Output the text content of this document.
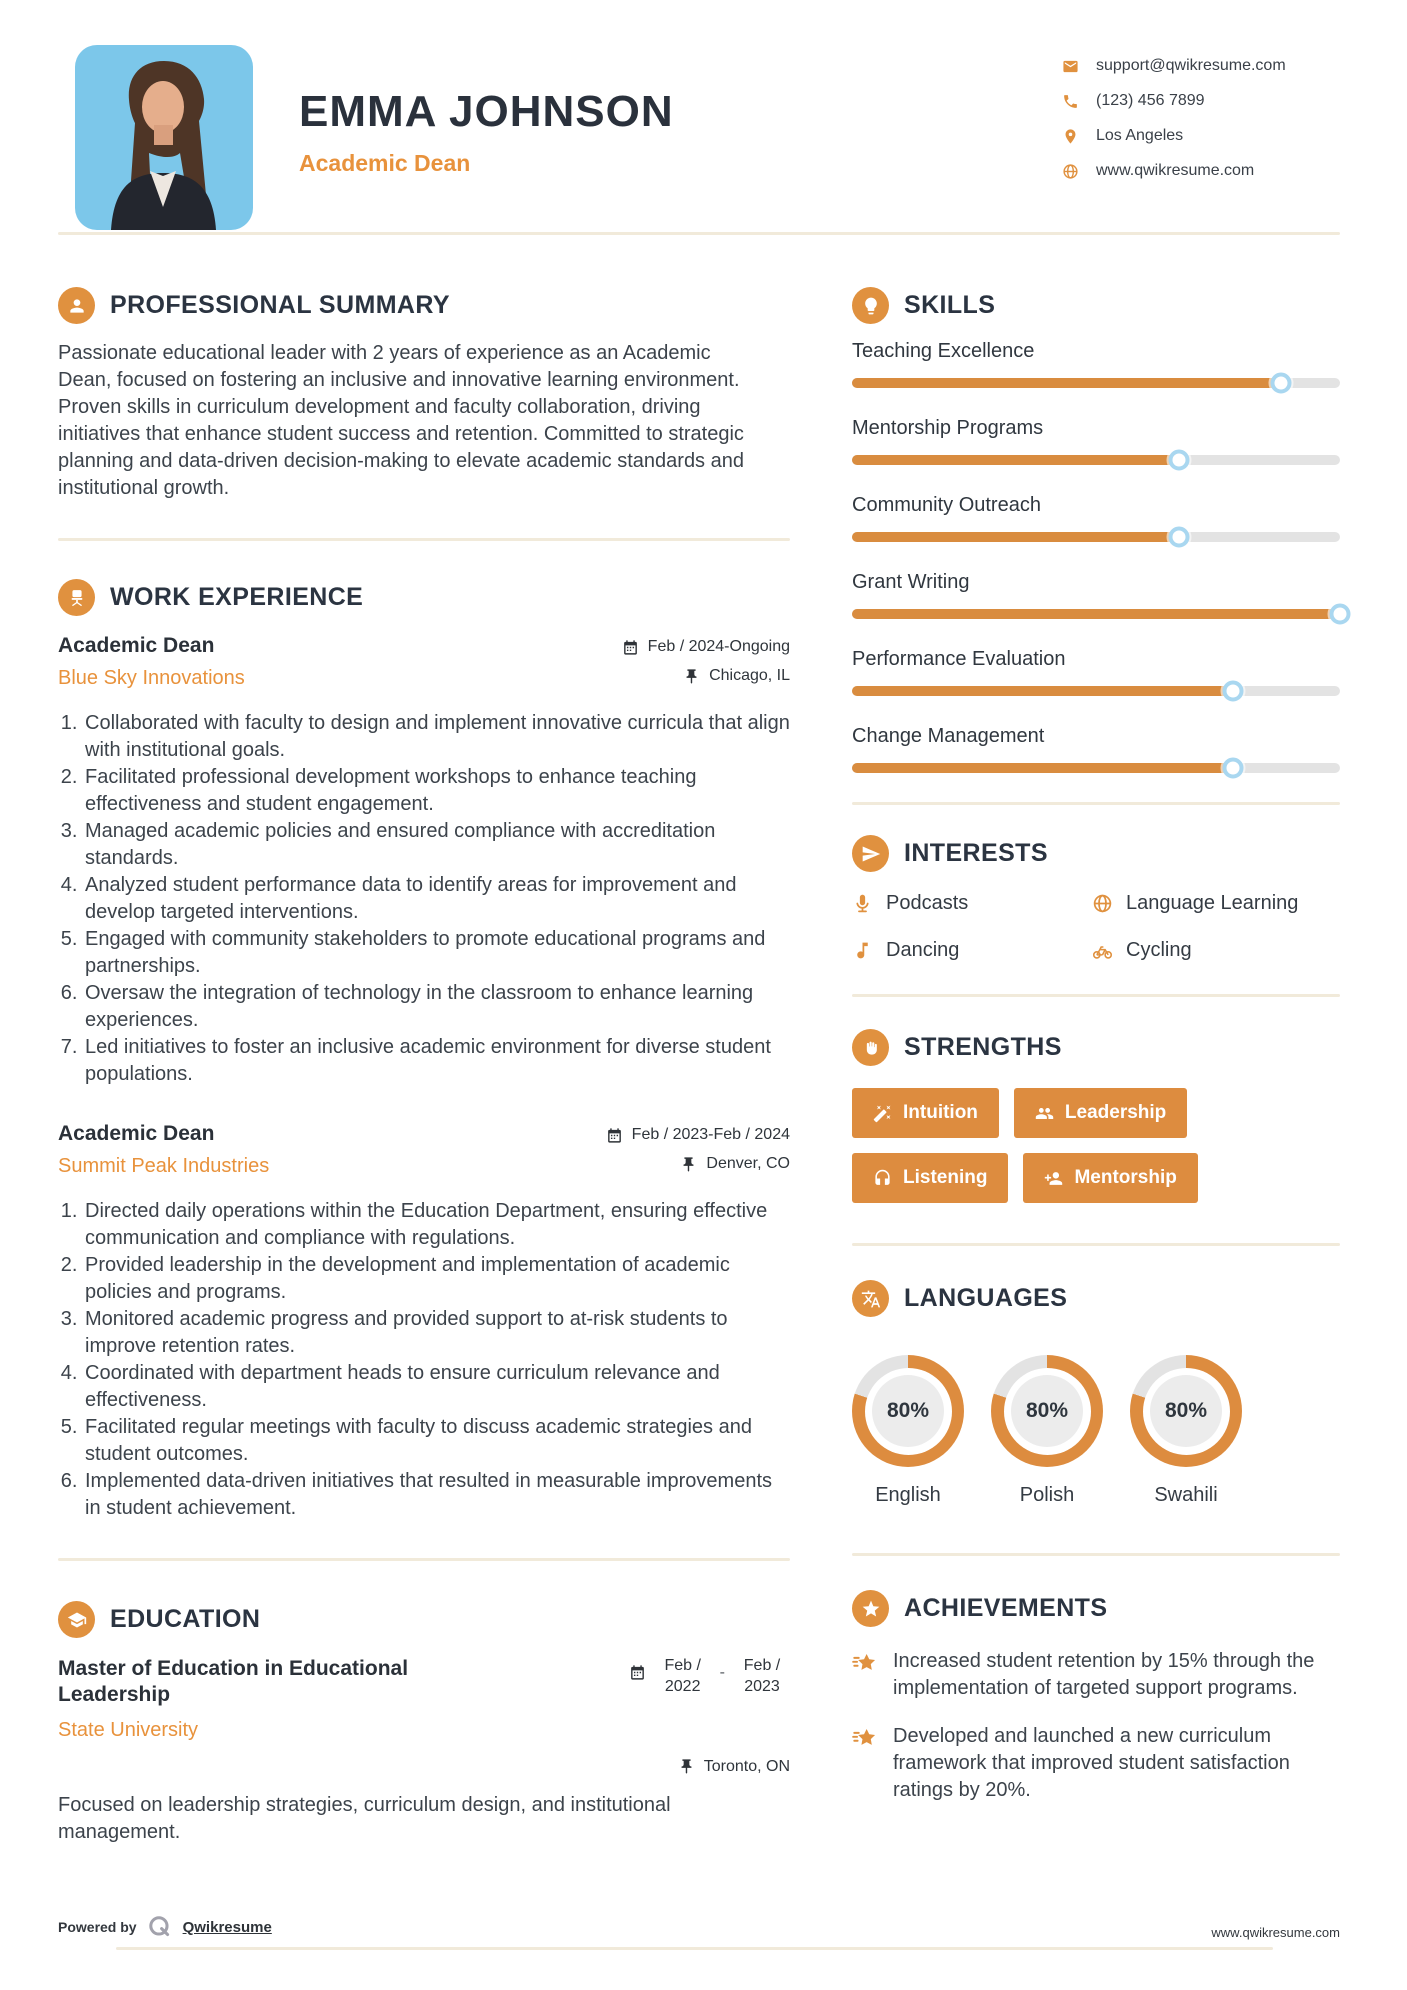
EMMA JOHNSON
Academic Dean
support@qwikresume.com
(123) 456 7899
Los Angeles
www.qwikresume.com
PROFESSIONAL SUMMARY

Passionate educational leader with 2 years of experience as an Academic Dean, focused on fostering an inclusive and innovative learning environment. Proven skills in curriculum development and faculty collaboration, driving initiatives that enhance student success and retention. Committed to strategic planning and data-driven decision-making to elevate academic standards and institutional growth.

WORK EXPERIENCE
Academic Dean
Blue Sky Innovations
Feb / 2024-Ongoing
Chicago, IL
1. Collaborated with faculty to design and implement innovative curricula that align with institutional goals.
2. Facilitated professional development workshops to enhance teaching effectiveness and student engagement.
3. Managed academic policies and ensured compliance with accreditation standards.
4. Analyzed student performance data to identify areas for improvement and develop targeted interventions.
5. Engaged with community stakeholders to promote educational programs and partnerships.
6. Oversaw the integration of technology in the classroom to enhance learning experiences.
7. Led initiatives to foster an inclusive academic environment for diverse student populations.
Academic Dean
Summit Peak Industries
Feb / 2023-Feb / 2024
Denver, CO
1. Directed daily operations within the Education Department, ensuring effective communication and compliance with regulations.
2. Provided leadership in the development and implementation of academic policies and programs.
3. Monitored academic progress and provided support to at-risk students to improve retention rates.
4. Coordinated with department heads to ensure curriculum relevance and effectiveness.
5. Facilitated regular meetings with faculty to discuss academic strategies and student outcomes.
6. Implemented data-driven initiatives that resulted in measurable improvements in student achievement.
EDUCATION
Master of Education in Educational Leadership
Feb / 2022
-	Feb / 2023
State University
Toronto, ON

Focused on leadership strategies, curriculum design, and institutional management.

SKILLS
Teaching Excellence
Mentorship Programs
Community Outreach
Grant Writing
Performance Evaluation
Change Management
INTERESTS
Podcasts	Language Learning
Dancing	Cycling
STRENGTHS
Intuition	Leadership
Listening	Mentorship
LANGUAGES
80%
English
80%
Polish
80%
Swahili
ACHIEVEMENTS
Increased student retention by 15% through the implementation of targeted support programs.
Developed and launched a new curriculum framework that improved student satisfaction ratings by 20%.
Powered by	Qwikresume	www.qwikresume.com
